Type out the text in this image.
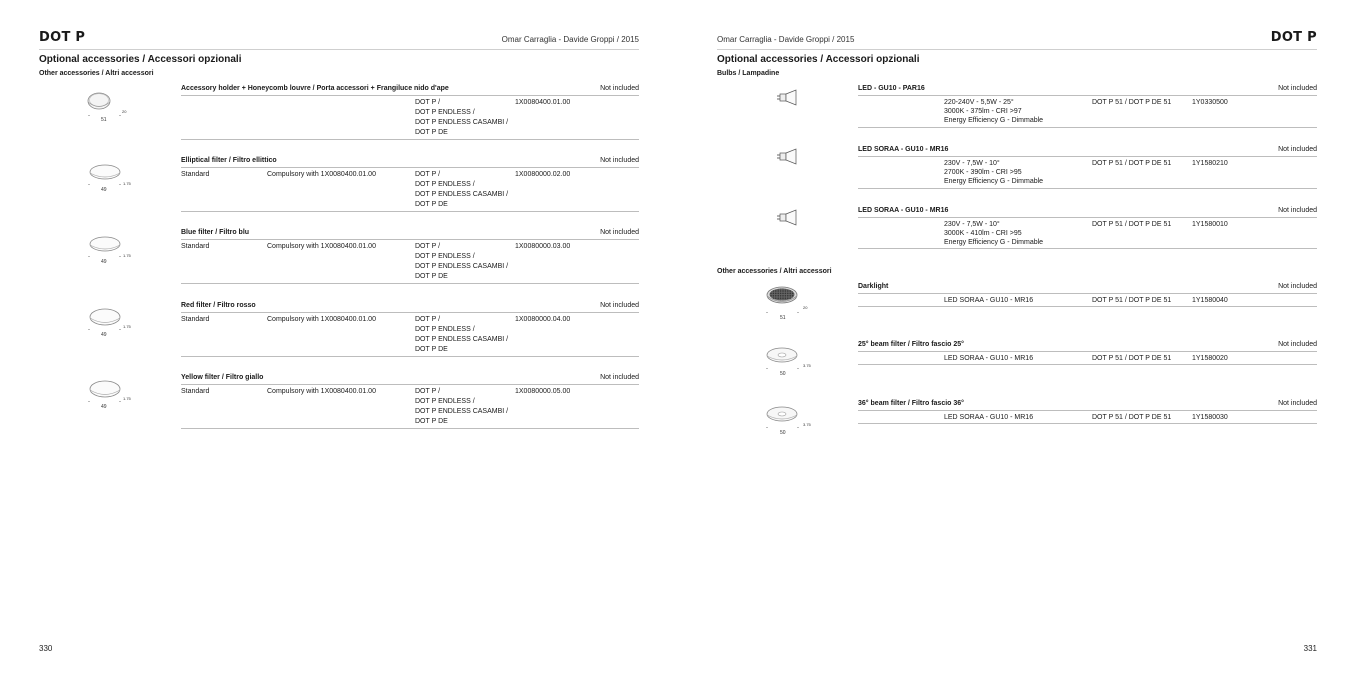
DOT P	Omar Carraglia - Davide Groppi / 2015
Optional accessories / Accessori opzionali
Other accessories / Altri accessori
51
20
Accessory holder + Honeycomb louvre / Porta accessori + Frangiluce nido d'ape	Not included
DOT P /
DOT P ENDLESS /
DOT P ENDLESS CASAMBI /
DOT P DE
1X0080400.01.00
49
1.75
Elliptical filter / Filtro ellittico	Not included
Standard	Compulsory with 1X0080400.01.00	DOT P /
DOT P ENDLESS /
DOT P ENDLESS CASAMBI /
DOT P DE
1X0080000.02.00
49
1.75
Blue filter / Filtro blu	Not included
Standard	Compulsory with 1X0080400.01.00	DOT P /
DOT P ENDLESS /
DOT P ENDLESS CASAMBI /
DOT P DE
1X0080000.03.00
49
1.75
Red filter / Filtro rosso	Not included
Standard	Compulsory with 1X0080400.01.00	DOT P /
DOT P ENDLESS /
DOT P ENDLESS CASAMBI /
DOT P DE
1X0080000.04.00
49
1.75
Yellow filter / Filtro giallo	Not included
Standard	Compulsory with 1X0080400.01.00	DOT P /
DOT P ENDLESS /
DOT P ENDLESS CASAMBI /
DOT P DE
1X0080000.05.00
330
DOT P
Omar Carraglia - Davide Groppi / 2015
Optional accessories / Accessori opzionali
Bulbs / Lampadine
LED - GU10 - PAR16	Not included
220-240V - 5,5W - 25°
3000K - 375lm - CRI >97
Energy Efficiency G - Dimmable
DOT P 51 / DOT P DE 51	1Y0330500
LED SORAA - GU10 - MR16	Not included
230V - 7,5W - 10°
2700K - 390lm - CRI >95
Energy Efficiency G - Dimmable
DOT P 51 / DOT P DE 51	1Y1580210
LED SORAA - GU10 - MR16	Not included
230V - 7,5W - 10°
3000K - 410lm - CRI >95
Energy Efficiency G - Dimmable
DOT P 51 / DOT P DE 51	1Y1580010
Other accessories / Altri accessori
51
20
Darklight	Not included
LED SORAA - GU10 - MR16	DOT P 51 / DOT P DE 51	1Y1580040
50
3.75
25° beam filter / Filtro fascio 25°	Not included
LED SORAA - GU10 - MR16	DOT P 51 / DOT P DE 51	1Y1580020
50
3.75
36° beam filter / Filtro fascio 36°	Not included
LED SORAA - GU10 - MR16	DOT P 51 / DOT P DE 51	1Y1580030
331
